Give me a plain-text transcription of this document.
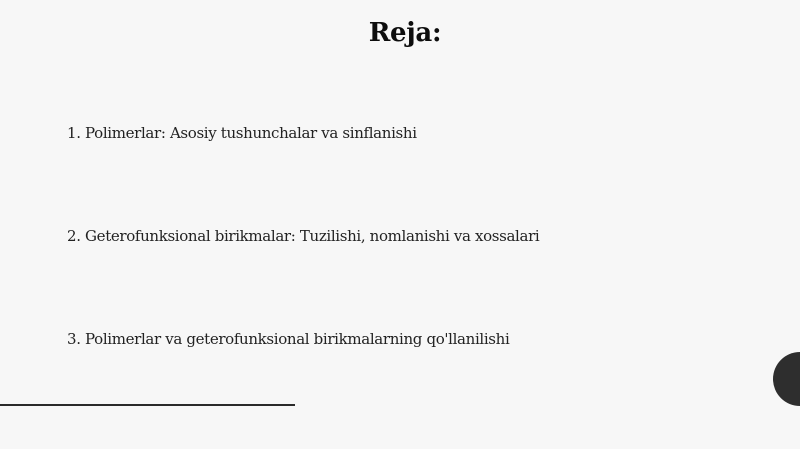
Reja:
1. Polimerlar: Asosiy tushunchalar va sinflanishi
2. Geterofunksional birikmalar: Tuzilishi, nomlanishi va xossalari
3. Polimerlar va geterofunksional birikmalarning qo'llanilishi
